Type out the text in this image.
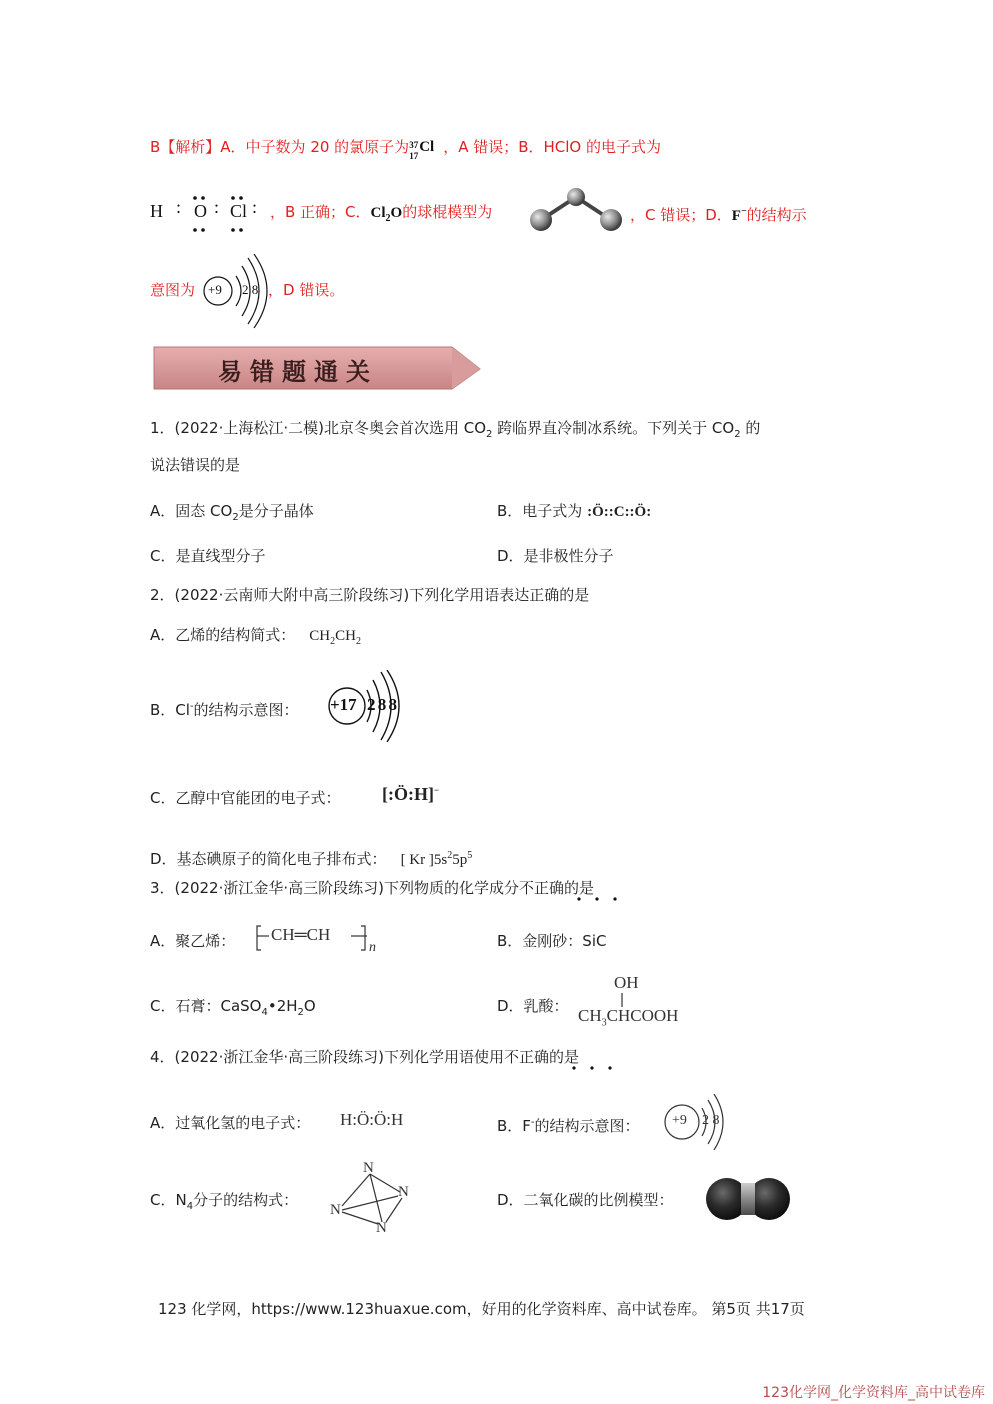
B【解析】A．中子数为 20 的氯原子为 37
17
Cl ，A 错误；B．HClO 的电子式为
H : O : Cl : ，B 正确；C．$Cl_2O$的球棍模型为	，C 错误；D．F−的结构示
意图为 +9 2 8 ，D 错误。
易错题通关
1．(2022·上海松江·二模)北京冬奥会首次选用 $CO_2$ 跨临界直冷制冰系统。下列关于 $CO_2$ 的
说法错误的是
A．固态 $CO_2$是分子晶体	B．电子式为 :Ö::C::Ö:
C．是直线型分子	D．是非极性分子
2．(2022·云南师大附中高三阶段练习)下列化学用语表达正确的是
A．乙烯的结构简式： $CH_2CH_2$
B．Cl-的结构示意图： +17 2 8 8
C．乙醇中官能团的电子式： [:Ö:H]−
D．基态碘原子的简化电子排布式： [ Kr ]$5s^25p^5$
3．(2022·浙江金华·高三阶段练习)下列物质的化学成分不正确的是
A．聚乙烯： CH═CH
n	B．金刚砂：SiC
C．石膏：$CaSO_4•2H_2O$	D．乳酸：
OH
$CH_3CHCOOH$
4．(2022·浙江金华·高三阶段练习)下列化学用语使用不正确的是
A．过氧化氢的电子式： H:Ö:Ö:H	B．F-的结构示意图： +9 2 8
C．$N_4$分子的结构式：
N
N
N
N
D．二氧化碳的比例模型：
123 化学网，https://www.123huaxue.com，好用的化学资料库、高中试卷库。 第5页 共17页
123化学网_化学资料库_高中试卷库
